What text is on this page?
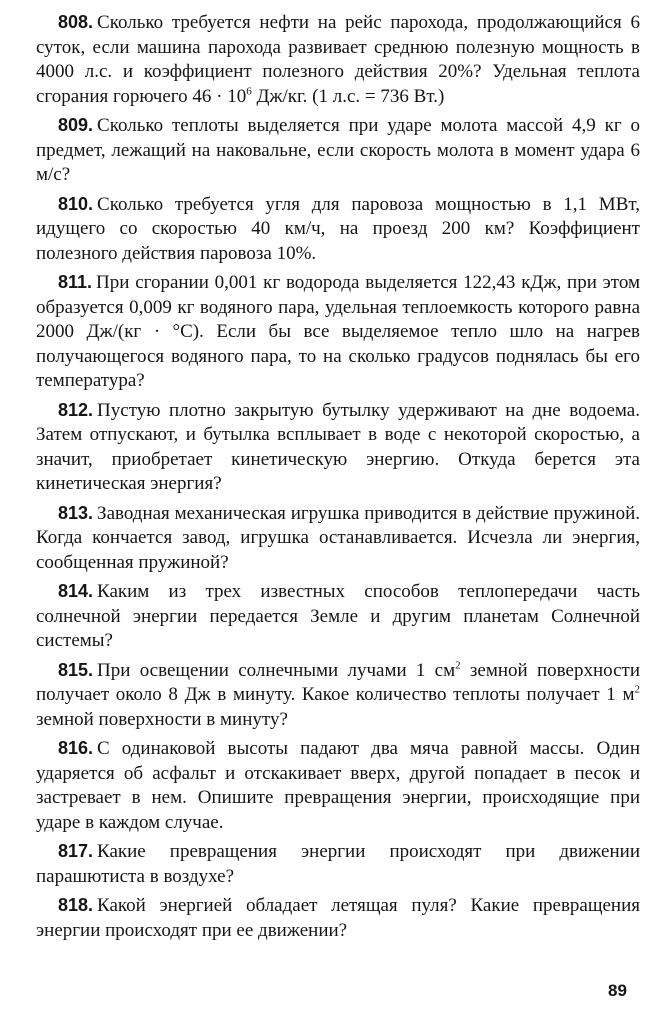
808. Сколько требуется нефти на рейс парохода, продолжающийся 6 суток, если машина парохода развивает среднюю полезную мощность в 4000 л.с. и коэффициент полезного действия 20%? Удельная теплота сгорания горючего $46 \cdot 10^6$ Дж/кг. (1 л.с. = 736 Вт.)

809. Сколько теплоты выделяется при ударе молота массой 4,9 кг о предмет, лежащий на наковальне, если скорость молота в момент удара 6 м/с?

810. Сколько требуется угля для паровоза мощностью в 1,1 МВт, идущего со скоростью 40 км/ч, на проезд 200 км? Коэффициент полезного действия паровоза 10%.

811. При сгорании 0,001 кг водорода выделяется 122,43 кДж, при этом образуется 0,009 кг водяного пара, удельная теплоемкость которого равна 2000 Дж/(кг · °С). Если бы все выделяемое тепло шло на нагрев получающегося водяного пара, то на сколько градусов поднялась бы его температура?

812. Пустую плотно закрытую бутылку удерживают на дне водоема. Затем отпускают, и бутылка всплывает в воде с некоторой скоростью, а значит, приобретает кинетическую энергию. Откуда берется эта кинетическая энергия?

813. Заводная механическая игрушка приводится в действие пружиной. Когда кончается завод, игрушка останавливается. Исчезла ли энергия, сообщенная пружиной?

814. Каким из трех известных способов теплопередачи часть солнечной энергии передается Земле и другим планетам Солнечной системы?

815. При освещении солнечными лучами 1 $см^2$ земной поверхности получает около 8 Дж в минуту. Какое количество теплоты получает 1 $м^2$ земной поверхности в минуту?

816. С одинаковой высоты падают два мяча равной массы. Один ударяется об асфальт и отскакивает вверх, другой попадает в песок и застревает в нем. Опишите превращения энергии, происходящие при ударе в каждом случае.

817. Какие превращения энергии происходят при движении парашютиста в воздухе?

818. Какой энергией обладает летящая пуля? Какие превращения энергии происходят при ее движении?

89
